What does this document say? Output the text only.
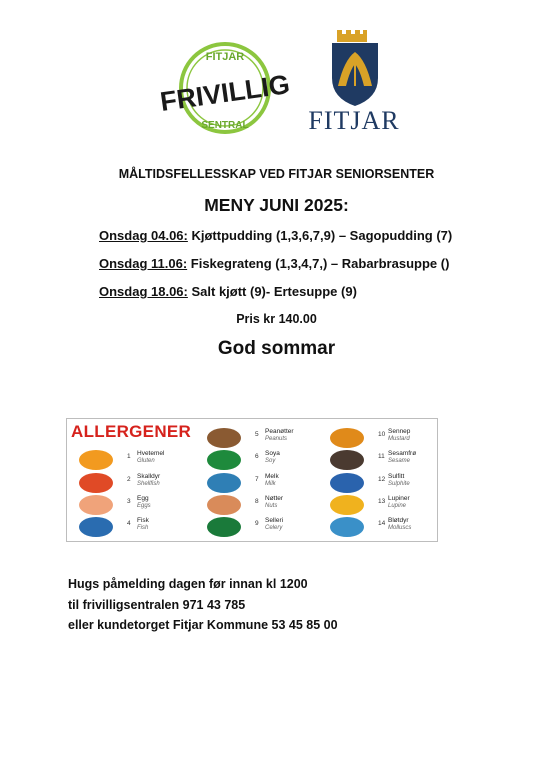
FITJAR
SENTRAL
FRIVILLIG
FITJAR
MÅLTIDSFELLESSKAP VED FITJAR SENIORSENTER
MENY JUNI 2025:
Onsdag 04.06: Kjøttpudding (1,3,6,7,9) – Sagopudding (7)
Onsdag 11.06: Fiskegrateng (1,3,4,7,) – Rabarbrasuppe ()
Onsdag 18.06: Salt kjøtt (9)- Ertesuppe (9)
Pris kr 140.00
God sommar
ALLERGENER
1 Hvetemel
Gluten
2 Skalldyr
Shellfish
3 Egg
Eggs
4 Fisk
Fish
5 Peanøtter
Peanuts
6 Soya
Soy
7 Melk
Milk
8 Nøtter
Nuts
9 Selleri
Celery
10 Sennep
Mustard
11 Sesamfrø
Sesame
12 Sulfitt
Sulphite
13 Lupiner
Lupine
14 Bløtdyr
Molluscs
Hugs påmelding dagen før innan kl 1200
til frivilligsentralen 971 43 785
eller kundetorget Fitjar Kommune 53 45 85 00
